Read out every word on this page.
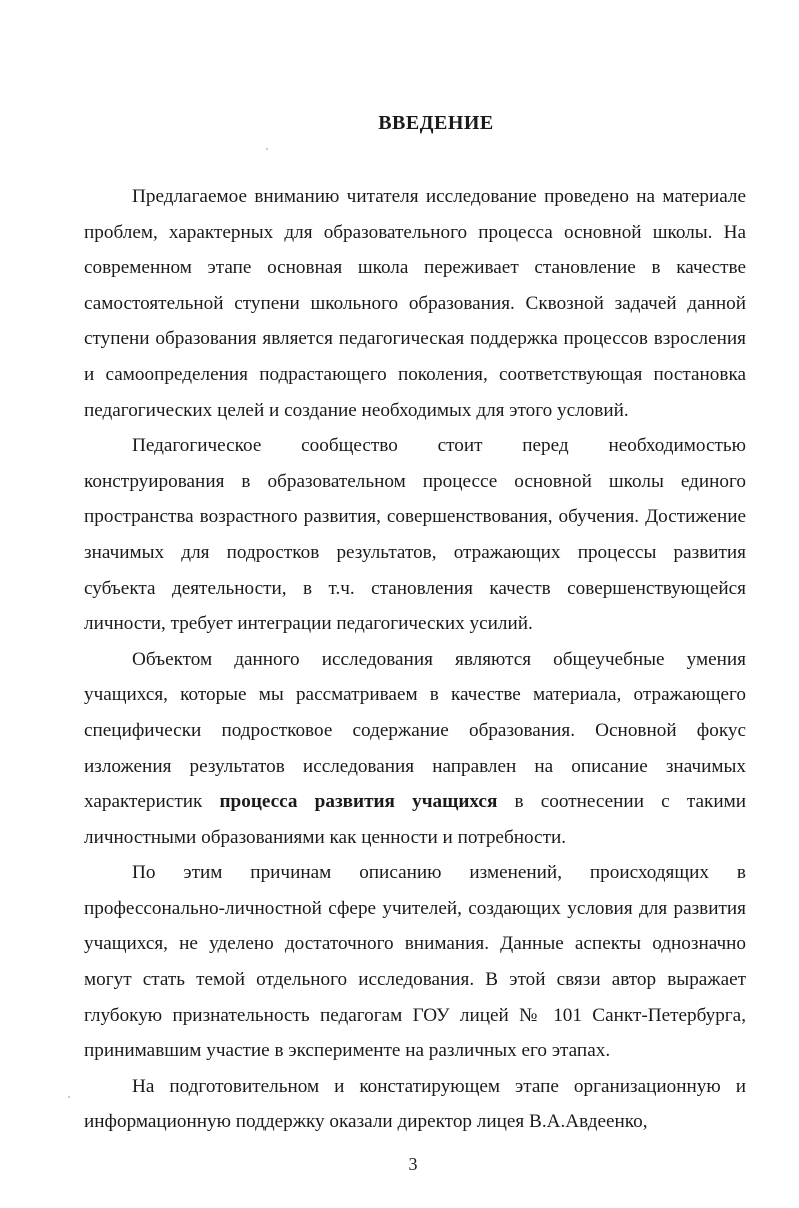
ВВЕДЕНИЕ

Предлагаемое вниманию читателя исследование проведено на материале проблем, характерных для образовательного процесса основной школы. На современном этапе основная школа переживает становление в качестве самостоятельной ступени школьного образования. Сквозной задачей данной ступени образования является педагогическая поддержка процессов взросления и самоопределения подрастающего поколения, соответствующая постановка педагогических целей и создание необходимых для этого условий.

Педагогическое сообщество стоит перед необходимостью конструирования в образовательном процессе основной школы единого пространства возрастного развития, совершенствования, обучения. Достижение значимых для подростков результатов, отражающих процессы развития субъекта деятельности, в т.ч. становления качеств совершенствующейся личности, требует интеграции педагогических усилий.

Объектом данного исследования являются общеучебные умения учащихся, которые мы рассматриваем в качестве материала, отражающего специфически подростковое содержание образования. Основной фокус изложения результатов исследования направлен на описание значимых характеристик процесса развития учащихся в соотнесении с такими личностными образованиями как ценности и потребности.

По этим причинам описанию изменений, происходящих в профессонально-личностной сфере учителей, создающих условия для развития учащихся, не уделено достаточного внимания. Данные аспекты однозначно могут стать темой отдельного исследования. В этой связи автор выражает глубокую признательность педагогам ГОУ лицей № 101 Санкт-Петербурга, принимавшим участие в эксперименте на различных его этапах.

На подготовительном и констатирующем этапе организационную и информационную поддержку оказали директор лицея В.А.Авдеенко,

3
